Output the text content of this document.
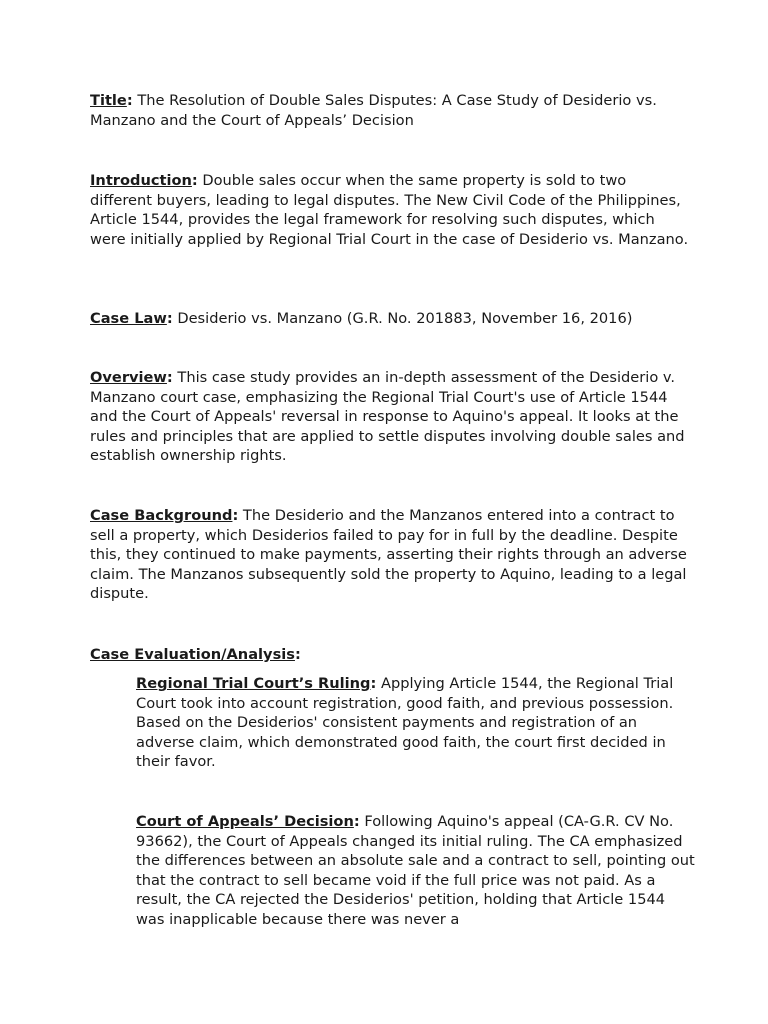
Title: The Resolution of Double Sales Disputes: A Case Study of Desiderio vs. Manzano and the Court of Appeals’ Decision

Introduction: Double sales occur when the same property is sold to two different buyers, leading to legal disputes. The New Civil Code of the Philippines, Article 1544, provides the legal framework for resolving such disputes, which were initially applied by Regional Trial Court in the case of Desiderio vs. Manzano.

Case Law: Desiderio vs. Manzano (G.R. No. 201883, November 16, 2016)

Overview: This case study provides an in-depth assessment of the Desiderio v. Manzano court case, emphasizing the Regional Trial Court's use of Article 1544 and the Court of Appeals' reversal in response to Aquino's appeal. It looks at the rules and principles that are applied to settle disputes involving double sales and establish ownership rights.

Case Background: The Desiderio and the Manzanos entered into a contract to sell a property, which Desiderios failed to pay for in full by the deadline. Despite this, they continued to make payments, asserting their rights through an adverse claim. The Manzanos subsequently sold the property to Aquino, leading to a legal dispute.

Case Evaluation/Analysis:

Regional Trial Court’s Ruling: Applying Article 1544, the Regional Trial Court took into account registration, good faith, and previous possession. Based on the Desiderios' consistent payments and registration of an adverse claim, which demonstrated good faith, the court first decided in their favor.

Court of Appeals’ Decision: Following Aquino's appeal (CA-G.R. CV No. 93662), the Court of Appeals changed its initial ruling. The CA emphasized the differences between an absolute sale and a contract to sell, pointing out that the contract to sell became void if the full price was not paid. As a result, the CA rejected the Desiderios' petition, holding that Article 1544 was inapplicable because there was never a
